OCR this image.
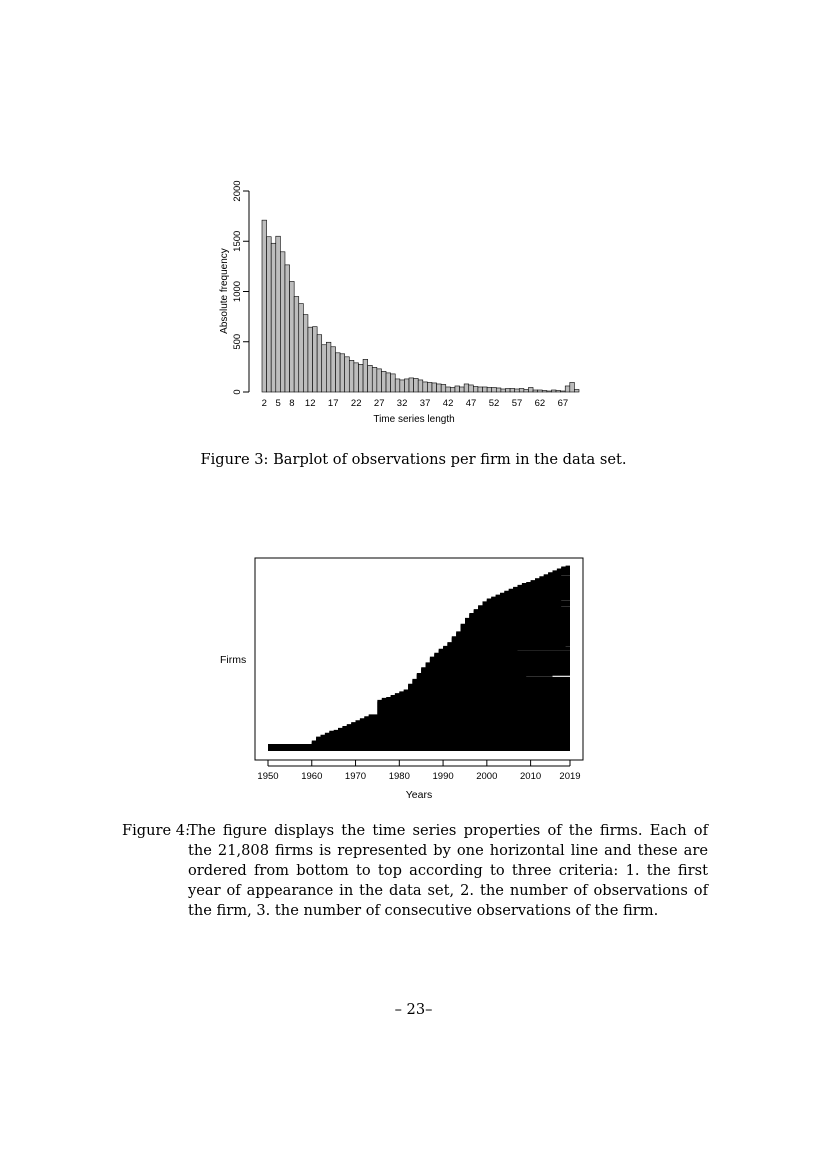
0
500
1000
1500
2000
2 5 8 12 17 22 27 32 37 42 47 52 57 62 67
Absolute frequency
Time series length
Figure 3: Barplot of observations per firm in the data set.
1950 1960 1970 1980 1990 2000 2010 2019
Firms
Years
Figure 4:
The figure displays the time series properties of the firms. Each of the 21,808 firms is represented by one horizontal line and these are ordered from bottom to top according to three criteria: 1. the first year of appearance in the data set, 2. the number of observations of the firm, 3. the number of consecutive observations of the firm.
– 23–
